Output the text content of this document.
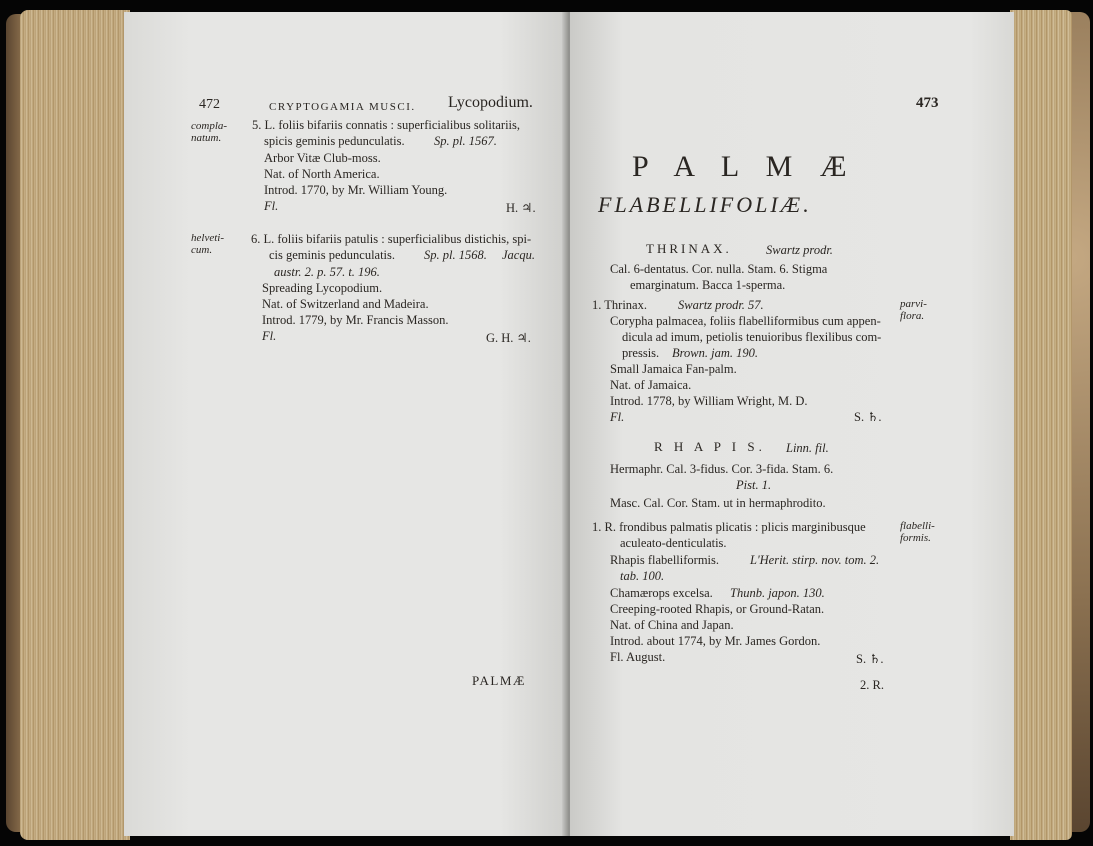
472	CRYPTOGAMIA MUSCI. Lycopodium.
compla-
natum.
5. L. foliis bifariis connatis : superficialibus solitariis,
spicis geminis pedunculatis. Sp. pl. 1567.
Arbor Vitæ Club-moss.
Nat. of North America.
Introd. 1770, by Mr. William Young.
Fl.	H. ♃.
helveti-
cum.
6. L. foliis bifariis patulis : superficialibus distichis, spi-
cis geminis pedunculatis. Sp. pl. 1568. Jacqu.
austr. 2. p. 57. t. 196.
Spreading Lycopodium.
Nat. of Switzerland and Madeira.
Introd. 1779, by Mr. Francis Masson.
Fl.	G. H. ♃.
PALMÆ
473
P A L M Æ
FLABELLIFOLIÆ.
THRINAX.	Swartz prodr.
Cal. 6-dentatus. Cor. nulla. Stam. 6. Stigma
emarginatum. Bacca 1-sperma.
1. Thrinax. Swartz prodr. 57.	parvi-
flora.
Corypha palmacea, foliis flabelliformibus cum appen-
dicula ad imum, petiolis tenuioribus flexilibus com-
pressis. Brown. jam. 190.
Small Jamaica Fan-palm.
Nat. of Jamaica.
Introd. 1778, by William Wright, M. D.
Fl.	S. ♄.
R H A P I S. Linn. fil.
Hermaphr. Cal. 3-fidus. Cor. 3-fida. Stam. 6.
Pist. 1.
Masc. Cal. Cor. Stam. ut in hermaphrodito.
1. R. frondibus palmatis plicatis : plicis marginibusque	flabelli-
formis.
aculeato-denticulatis.
Rhapis flabelliformis. L'Herit. stirp. nov. tom. 2.
tab. 100.
Chamærops excelsa. Thunb. japon. 130.
Creeping-rooted Rhapis, or Ground-Ratan.
Nat. of China and Japan.
Introd. about 1774, by Mr. James Gordon.
Fl. August.	S. ♄.
2. R.
